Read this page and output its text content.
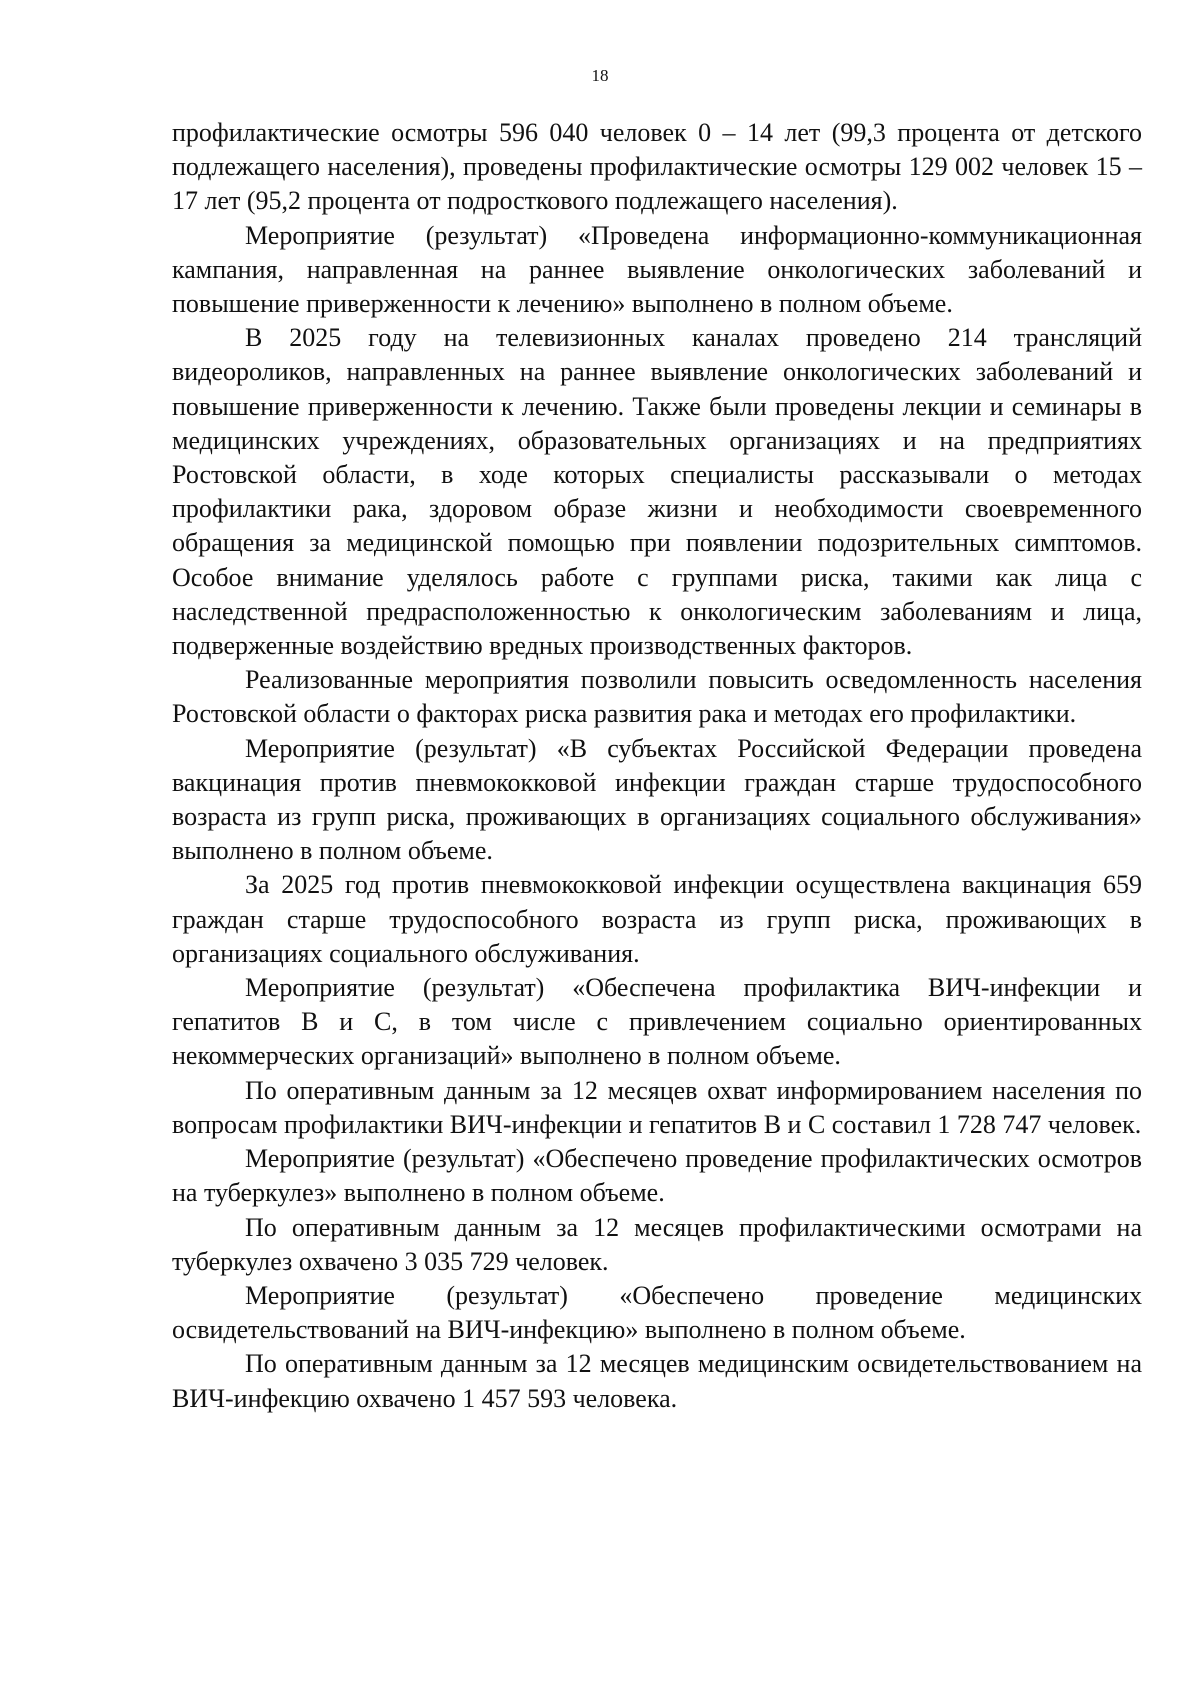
18

профилактические осмотры 596 040 человек 0 – 14 лет (99,3 процента от детского подлежащего населения), проведены профилактические осмотры 129 002 человек 15 – 17 лет (95,2 процента от подросткового подлежащего населения).

Мероприятие (результат) «Проведена информационно-коммуникационная кампания, направленная на раннее выявление онкологических заболеваний и повышение приверженности к лечению» выполнено в полном объеме.

В 2025 году на телевизионных каналах проведено 214 трансляций видеороликов, направленных на раннее выявление онкологических заболеваний и повышение приверженности к лечению. Также были проведены лекции и семинары в медицинских учреждениях, образовательных организациях и на предприятиях Ростовской области, в ходе которых специалисты рассказывали о методах профилактики рака, здоровом образе жизни и необходимости своевременного обращения за медицинской помощью при появлении подозрительных симптомов. Особое внимание уделялось работе с группами риска, такими как лица с наследственной предрасположенностью к онкологическим заболеваниям и лица, подверженные воздействию вредных производственных факторов.

Реализованные мероприятия позволили повысить осведомленность населения Ростовской области о факторах риска развития рака и методах его профилактики.

Мероприятие (результат) «В субъектах Российской Федерации проведена вакцинация против пневмококковой инфекции граждан старше трудоспособного возраста из групп риска, проживающих в организациях социального обслуживания» выполнено в полном объеме.

За 2025 год против пневмококковой инфекции осуществлена вакцинация 659 граждан старше трудоспособного возраста из групп риска, проживающих в организациях социального обслуживания.

Мероприятие (результат) «Обеспечена профилактика ВИЧ-инфекции и гепатитов B и C, в том числе с привлечением социально ориентированных некоммерческих организаций» выполнено в полном объеме.

По оперативным данным за 12 месяцев охват информированием населения по вопросам профилактики ВИЧ-инфекции и гепатитов B и C составил 1 728 747 человек.

Мероприятие (результат) «Обеспечено проведение профилактических осмотров на туберкулез» выполнено в полном объеме.

По оперативным данным за 12 месяцев профилактическими осмотрами на туберкулез охвачено 3 035 729 человек.

Мероприятие (результат) «Обеспечено проведение медицинских освидетельствований на ВИЧ-инфекцию» выполнено в полном объеме.

По оперативным данным за 12 месяцев медицинским освидетельствованием на ВИЧ-инфекцию охвачено 1 457 593 человека.
